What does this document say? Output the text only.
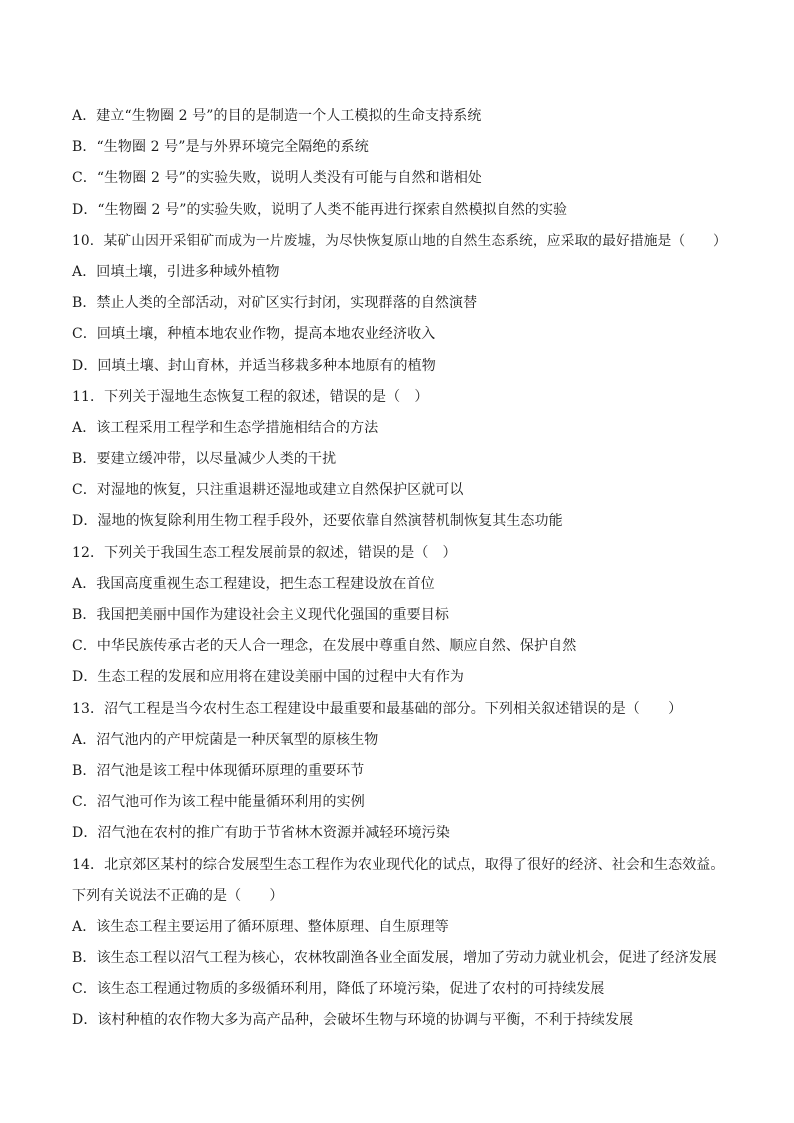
A．建立“生物圈 2 号”的目的是制造一个人工模拟的生命支持系统
B．“生物圈 2 号”是与外界环境完全隔绝的系统
C．“生物圈 2 号”的实验失败，说明人类没有可能与自然和谐相处
D．“生物圈 2 号”的实验失败，说明了人类不能再进行探索自然模拟自然的实验
10．某矿山因开采钼矿而成为一片废墟，为尽快恢复原山地的自然生态系统，应采取的最好措施是（　　）
A．回填土壤，引进多种域外植物
B．禁止人类的全部活动，对矿区实行封闭，实现群落的自然演替
C．回填土壤，种植本地农业作物，提高本地农业经济收入
D．回填土壤、封山育林，并适当移栽多种本地原有的植物
11．下列关于湿地生态恢复工程的叙述，错误的是（　）
A．该工程采用工程学和生态学措施相结合的方法
B．要建立缓冲带，以尽量减少人类的干扰
C．对湿地的恢复，只注重退耕还湿地或建立自然保护区就可以
D．湿地的恢复除利用生物工程手段外，还要依靠自然演替机制恢复其生态功能
12．下列关于我国生态工程发展前景的叙述，错误的是（　）
A．我国高度重视生态工程建设，把生态工程建设放在首位
B．我国把美丽中国作为建设社会主义现代化强国的重要目标
C．中华民族传承古老的天人合一理念，在发展中尊重自然、顺应自然、保护自然
D．生态工程的发展和应用将在建设美丽中国的过程中大有作为
13．沼气工程是当今农村生态工程建设中最重要和最基础的部分。下列相关叙述错误的是（　　）
A．沼气池内的产甲烷菌是一种厌氧型的原核生物
B．沼气池是该工程中体现循环原理的重要环节
C．沼气池可作为该工程中能量循环利用的实例
D．沼气池在农村的推广有助于节省林木资源并减轻环境污染
14．北京郊区某村的综合发展型生态工程作为农业现代化的试点，取得了很好的经济、社会和生态效益。
下列有关说法不正确的是（　　）
A．该生态工程主要运用了循环原理、整体原理、自生原理等
B．该生态工程以沼气工程为核心，农林牧副渔各业全面发展，增加了劳动力就业机会，促进了经济发展
C．该生态工程通过物质的多级循环利用，降低了环境污染，促进了农村的可持续发展
D．该村种植的农作物大多为高产品种，会破坏生物与环境的协调与平衡，不利于持续发展
